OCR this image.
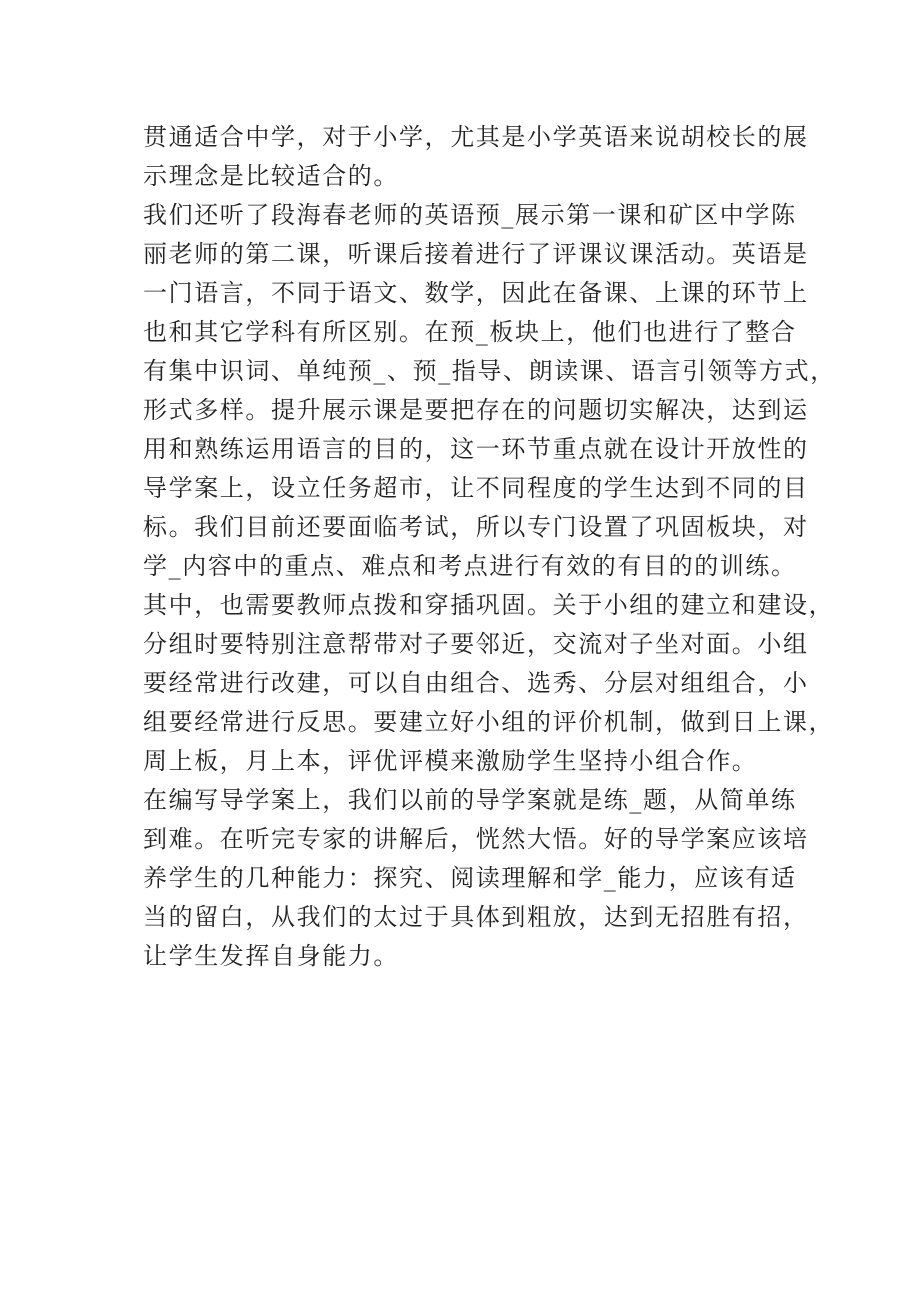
贯通适合中学，对于小学，尤其是小学英语来说胡校长的展
示理念是比较适合的。
我们还听了段海春老师的英语预_展示第一课和矿区中学陈
丽老师的第二课，听课后接着进行了评课议课活动。英语是
一门语言，不同于语文、数学，因此在备课、上课的环节上
也和其它学科有所区别。在预_板块上，他们也进行了整合
有集中识词、单纯预_、预_指导、朗读课、语言引领等方式，
形式多样。提升展示课是要把存在的问题切实解决，达到运
用和熟练运用语言的目的，这一环节重点就在设计开放性的
导学案上，设立任务超市，让不同程度的学生达到不同的目
标。我们目前还要面临考试，所以专门设置了巩固板块，对
学_内容中的重点、难点和考点进行有效的有目的的训练。
其中，也需要教师点拨和穿插巩固。关于小组的建立和建设，
分组时要特别注意帮带对子要邻近，交流对子坐对面。小组
要经常进行改建，可以自由组合、选秀、分层对组组合，小
组要经常进行反思。要建立好小组的评价机制，做到日上课，
周上板，月上本，评优评模来激励学生坚持小组合作。
在编写导学案上，我们以前的导学案就是练_题，从简单练
到难。在听完专家的讲解后，恍然大悟。好的导学案应该培
养学生的几种能力：探究、阅读理解和学_能力，应该有适
当的留白，从我们的太过于具体到粗放，达到无招胜有招，
让学生发挥自身能力。
